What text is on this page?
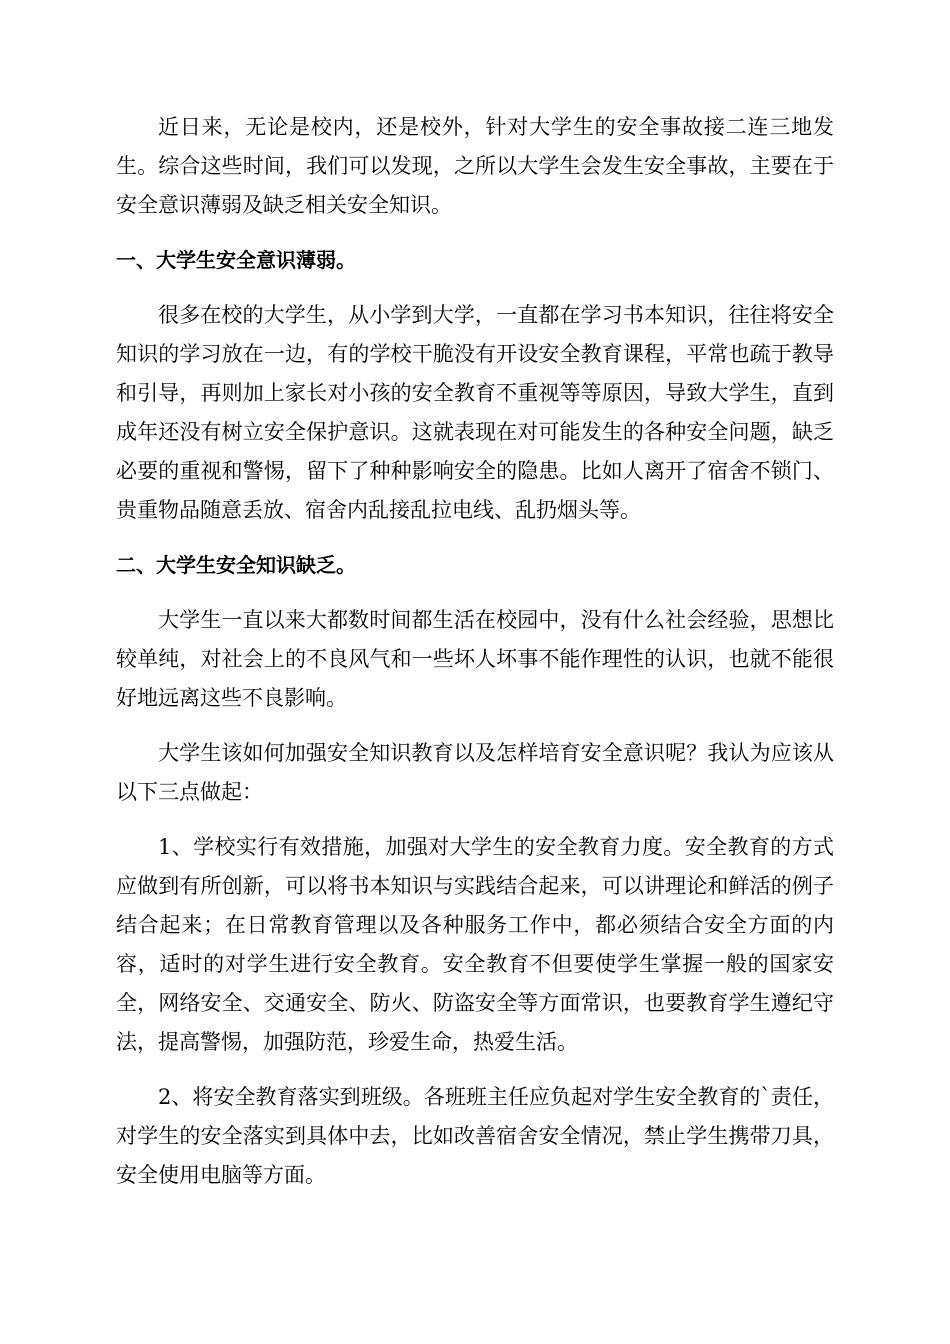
近日来，无论是校内，还是校外，针对大学生的安全事故接二连三地发生。综合这些时间，我们可以发现，之所以大学生会发生安全事故，主要在于安全意识薄弱及缺乏相关安全知识。

一、大学生安全意识薄弱。

很多在校的大学生，从小学到大学，一直都在学习书本知识，往往将安全知识的学习放在一边，有的学校干脆没有开设安全教育课程，平常也疏于教导和引导，再则加上家长对小孩的安全教育不重视等等原因，导致大学生，直到成年还没有树立安全保护意识。这就表现在对可能发生的各种安全问题，缺乏必要的重视和警惕，留下了种种影响安全的隐患。比如人离开了宿舍不锁门、贵重物品随意丢放、宿舍内乱接乱拉电线、乱扔烟头等。

二、大学生安全知识缺乏。

大学生一直以来大都数时间都生活在校园中，没有什么社会经验，思想比较单纯，对社会上的不良风气和一些坏人坏事不能作理性的认识，也就不能很好地远离这些不良影响。

大学生该如何加强安全知识教育以及怎样培育安全意识呢？我认为应该从以下三点做起：

1、学校实行有效措施，加强对大学生的安全教育力度。安全教育的方式应做到有所创新，可以将书本知识与实践结合起来，可以讲理论和鲜活的例子结合起来；在日常教育管理以及各种服务工作中，都必须结合安全方面的内容，适时的对学生进行安全教育。安全教育不但要使学生掌握一般的国家安全，网络安全、交通安全、防火、防盗安全等方面常识，也要教育学生遵纪守法，提高警惕，加强防范，珍爱生命，热爱生活。

2、将安全教育落实到班级。各班班主任应负起对学生安全教育的`责任，对学生的安全落实到具体中去，比如改善宿舍安全情况，禁止学生携带刀具，安全使用电脑等方面。
